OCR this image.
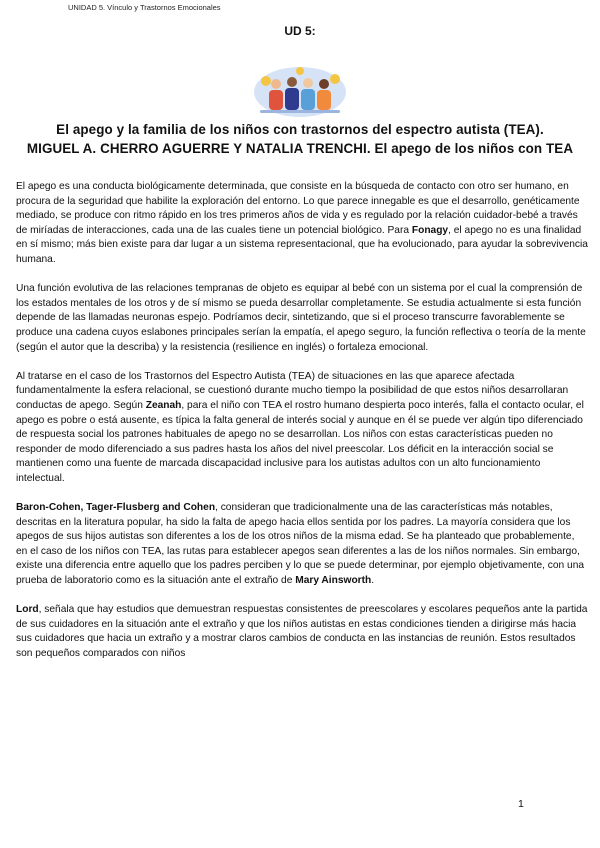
UNIDAD 5. Vínculo y Trastornos Emocionales
UD 5:
El apego y la familia de los niños con trastornos del espectro autista (TEA).
MIGUEL A. CHERRO AGUERRE Y NATALIA TRENCHI. El apego de los niños con TEA

El apego es una conducta biológicamente determinada, que consiste en la búsqueda de contacto con otro ser humano, en procura de la seguridad que habilite la exploración del entorno. Lo que parece innegable es que el desarrollo, genéticamente mediado, se produce con ritmo rápido en los tres primeros años de vida y es regulado por la relación cuidador-bebé a través de miríadas de interacciones, cada una de las cuales tiene un potencial biológico. Para Fonagy, el apego no es una finalidad en sí mismo; más bien existe para dar lugar a un sistema representacional, que ha evolucionado, para ayudar la sobrevivencia humana.

Una función evolutiva de las relaciones tempranas de objeto es equipar al bebé con un sistema por el cual la comprensión de los estados mentales de los otros y de sí mismo se pueda desarrollar completamente. Se estudia actualmente si esta función depende de las llamadas neuronas espejo. Podríamos decir, sintetizando, que si el proceso transcurre favorablemente se produce una cadena cuyos eslabones principales serían la empatía, el apego seguro, la función reflectiva o teoría de la mente (según el autor que la describa) y la resistencia (resilience en inglés) o fortaleza emocional.

Al tratarse en el caso de los Trastornos del Espectro Autista (TEA) de situaciones en las que aparece afectada fundamentalmente la esfera relacional, se cuestionó durante mucho tiempo la posibilidad de que estos niños desarrollaran conductas de apego. Según Zeanah, para el niño con TEA el rostro humano despierta poco interés, falla el contacto ocular, el apego es pobre o está ausente, es típica la falta general de interés social y aunque en él se puede ver algún tipo diferenciado de respuesta social los patrones habituales de apego no se desarrollan. Los niños con estas características pueden no responder de modo diferenciado a sus padres hasta los años del nivel preescolar. Los déficit en la interacción social se mantienen como una fuente de marcada discapacidad inclusive para los autistas adultos con un alto funcionamiento intelectual.

Baron-Cohen, Tager-Flusberg and Cohen, consideran que tradicionalmente una de las características más notables, descritas en la literatura popular, ha sido la falta de apego hacia ellos sentida por los padres. La mayoría considera que los apegos de sus hijos autistas son diferentes a los de los otros niños de la misma edad. Se ha planteado que probablemente, en el caso de los niños con TEA, las rutas para establecer apegos sean diferentes a las de los niños normales. Sin embargo, existe una diferencia entre aquello que los padres perciben y lo que se puede determinar, por ejemplo objetivamente, con una prueba de laboratorio como es la situación ante el extraño de Mary Ainsworth.

Lord, señala que hay estudios que demuestran respuestas consistentes de preescolares y escolares pequeños ante la partida de sus cuidadores en la situación ante el extraño y que los niños autistas en estas condiciones tienden a dirigirse más hacia sus cuidadores que hacia un extraño y a mostrar claros cambios de conducta en las instancias de reunión. Estos resultados son pequeños comparados con niños

1
